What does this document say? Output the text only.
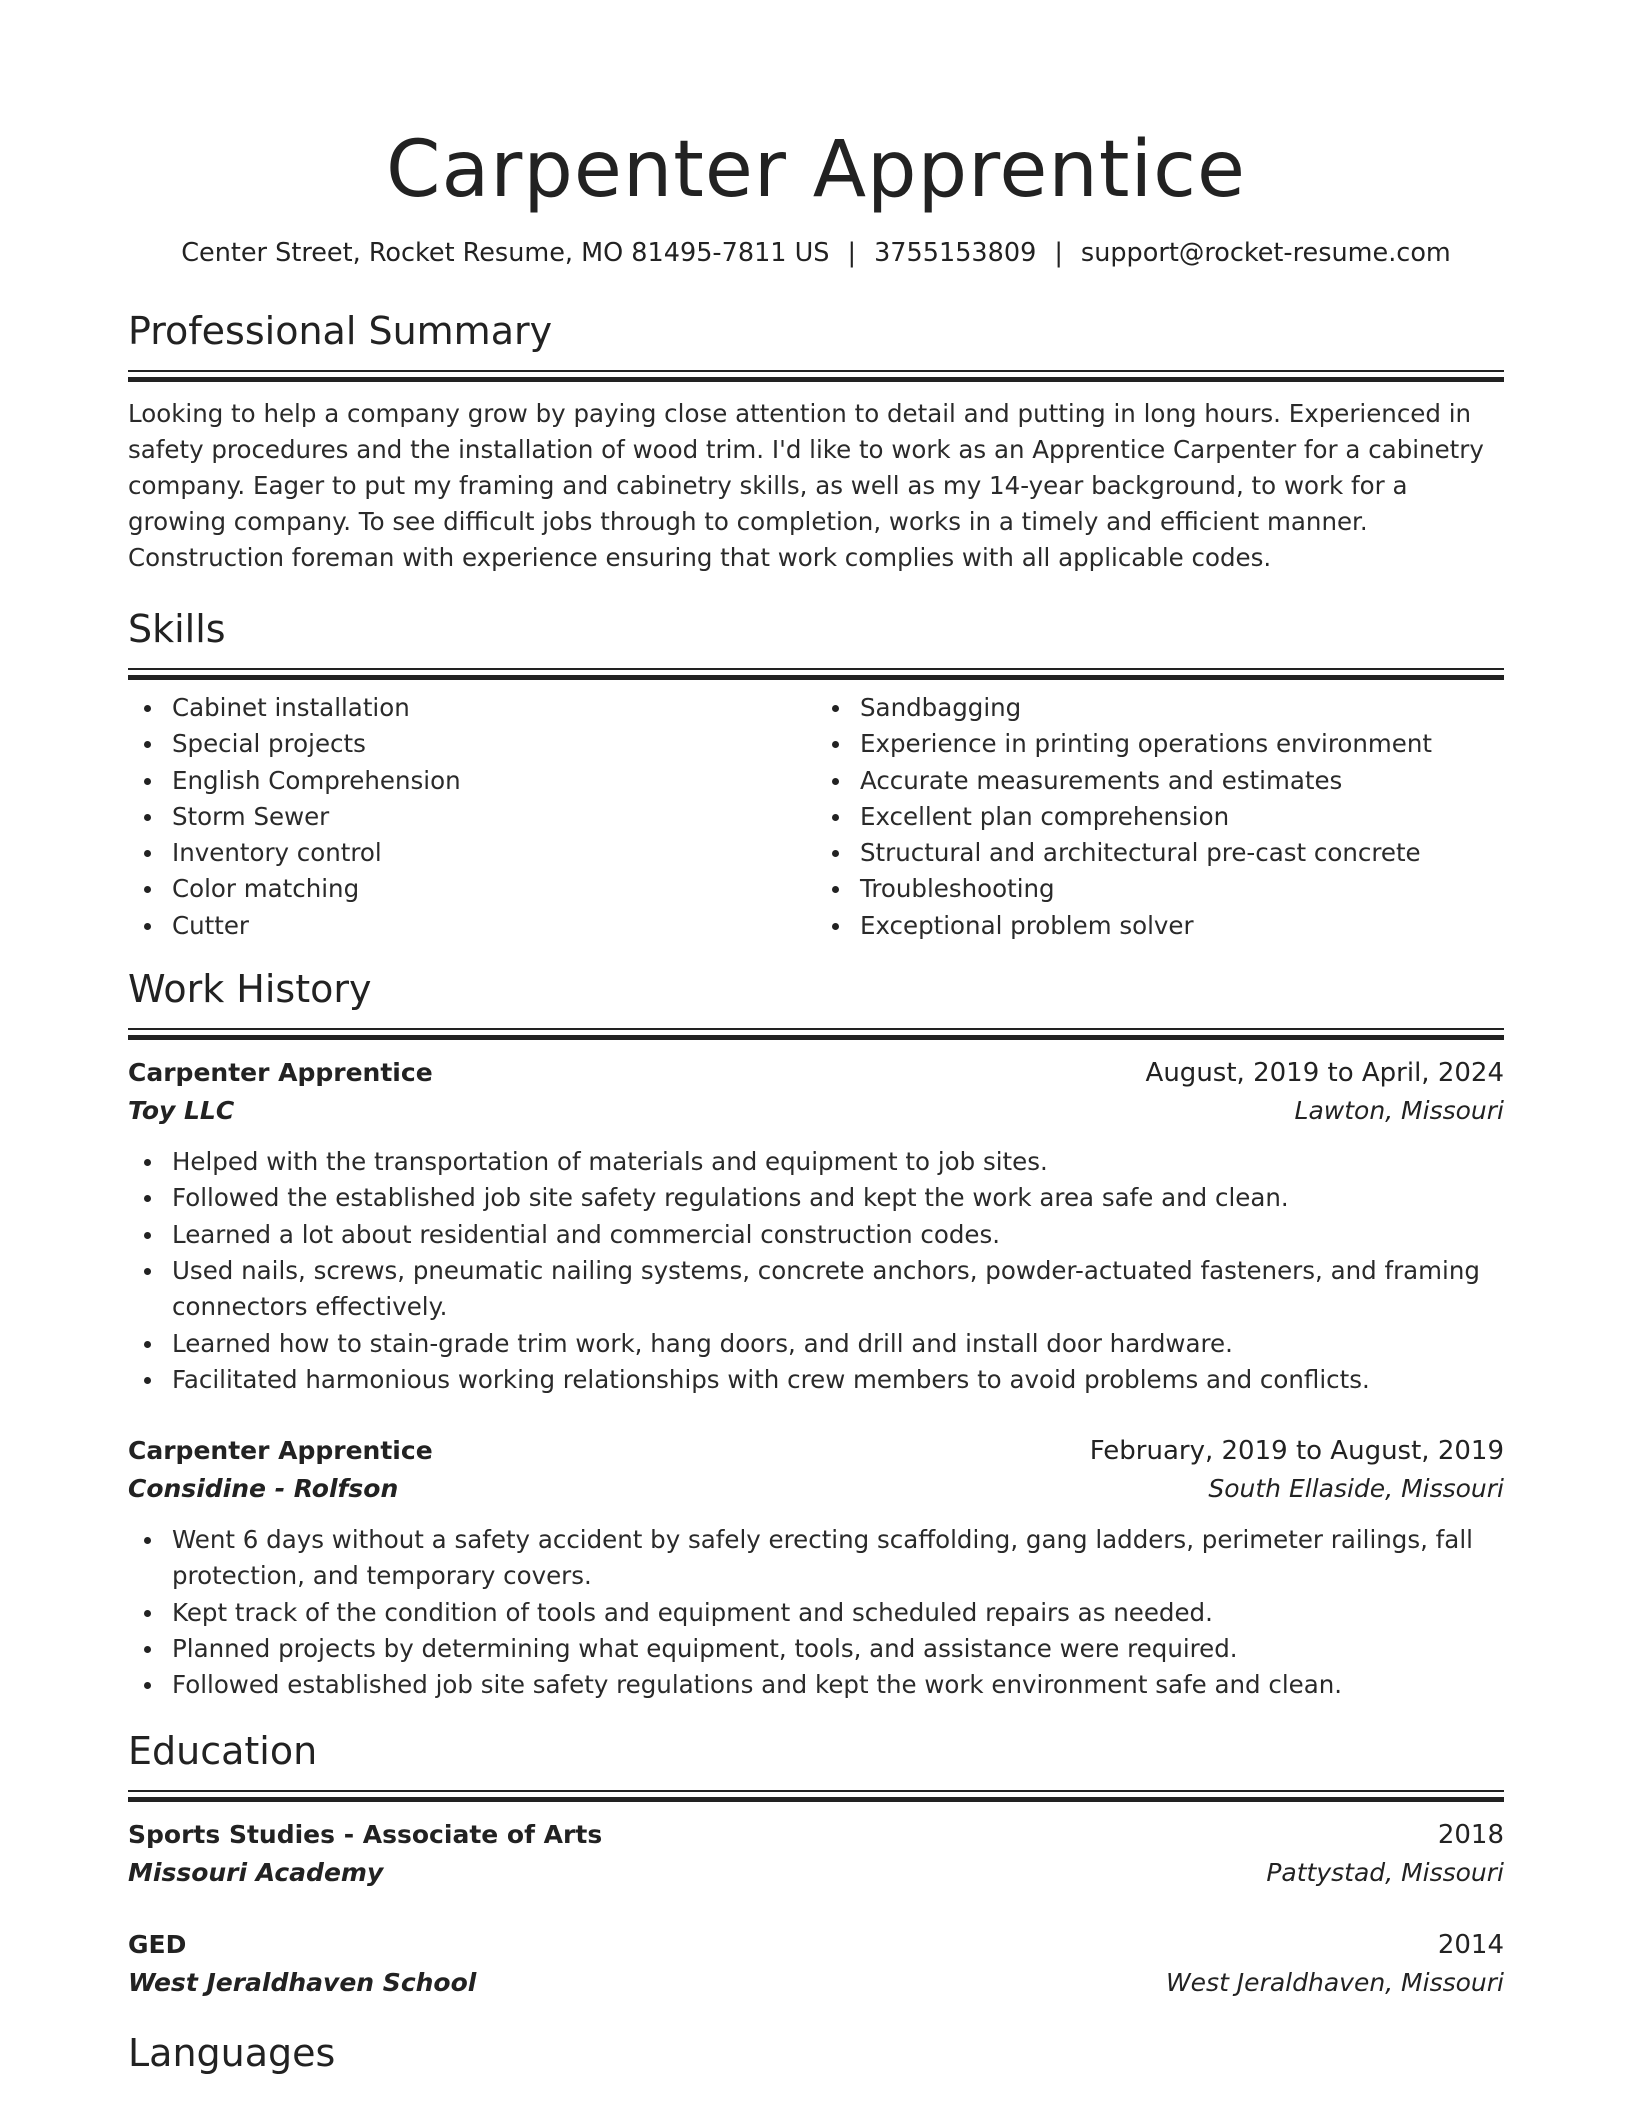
Carpenter Apprentice
Center Street, Rocket Resume, MO 81495-7811 US | 3755153809 | support@rocket-resume.com
Professional Summary

Looking to help a company grow by paying close attention to detail and putting in long hours. Experienced in safety procedures and the installation of wood trim. I'd like to work as an Apprentice Carpenter for a cabinetry company. Eager to put my framing and cabinetry skills, as well as my 14-year background, to work for a growing company. To see difficult jobs through to completion, works in a timely and efficient manner. Construction foreman with experience ensuring that work complies with all applicable codes.

Skills
Cabinet installation
Special projects
English Comprehension
Storm Sewer
Inventory control
Color matching
Cutter
Sandbagging
Experience in printing operations environment
Accurate measurements and estimates
Excellent plan comprehension
Structural and architectural pre-cast concrete
Troubleshooting
Exceptional problem solver
Work History
Carpenter Apprentice	August, 2019 to April, 2024
Toy LLC	Lawton, Missouri
Helped with the transportation of materials and equipment to job sites.
Followed the established job site safety regulations and kept the work area safe and clean.
Learned a lot about residential and commercial construction codes.
Used nails, screws, pneumatic nailing systems, concrete anchors, powder-actuated fasteners, and framing connectors effectively.
Learned how to stain-grade trim work, hang doors, and drill and install door hardware.
Facilitated harmonious working relationships with crew members to avoid problems and conflicts.
Carpenter Apprentice	February, 2019 to August, 2019
Considine - Rolfson	South Ellaside, Missouri
Went 6 days without a safety accident by safely erecting scaffolding, gang ladders, perimeter railings, fall protection, and temporary covers.
Kept track of the condition of tools and equipment and scheduled repairs as needed.
Planned projects by determining what equipment, tools, and assistance were required.
Followed established job site safety regulations and kept the work environment safe and clean.
Education
Sports Studies - Associate of Arts	2018
Missouri Academy	Pattystad, Missouri
GED	2014
West Jeraldhaven School	West Jeraldhaven, Missouri
Languages
